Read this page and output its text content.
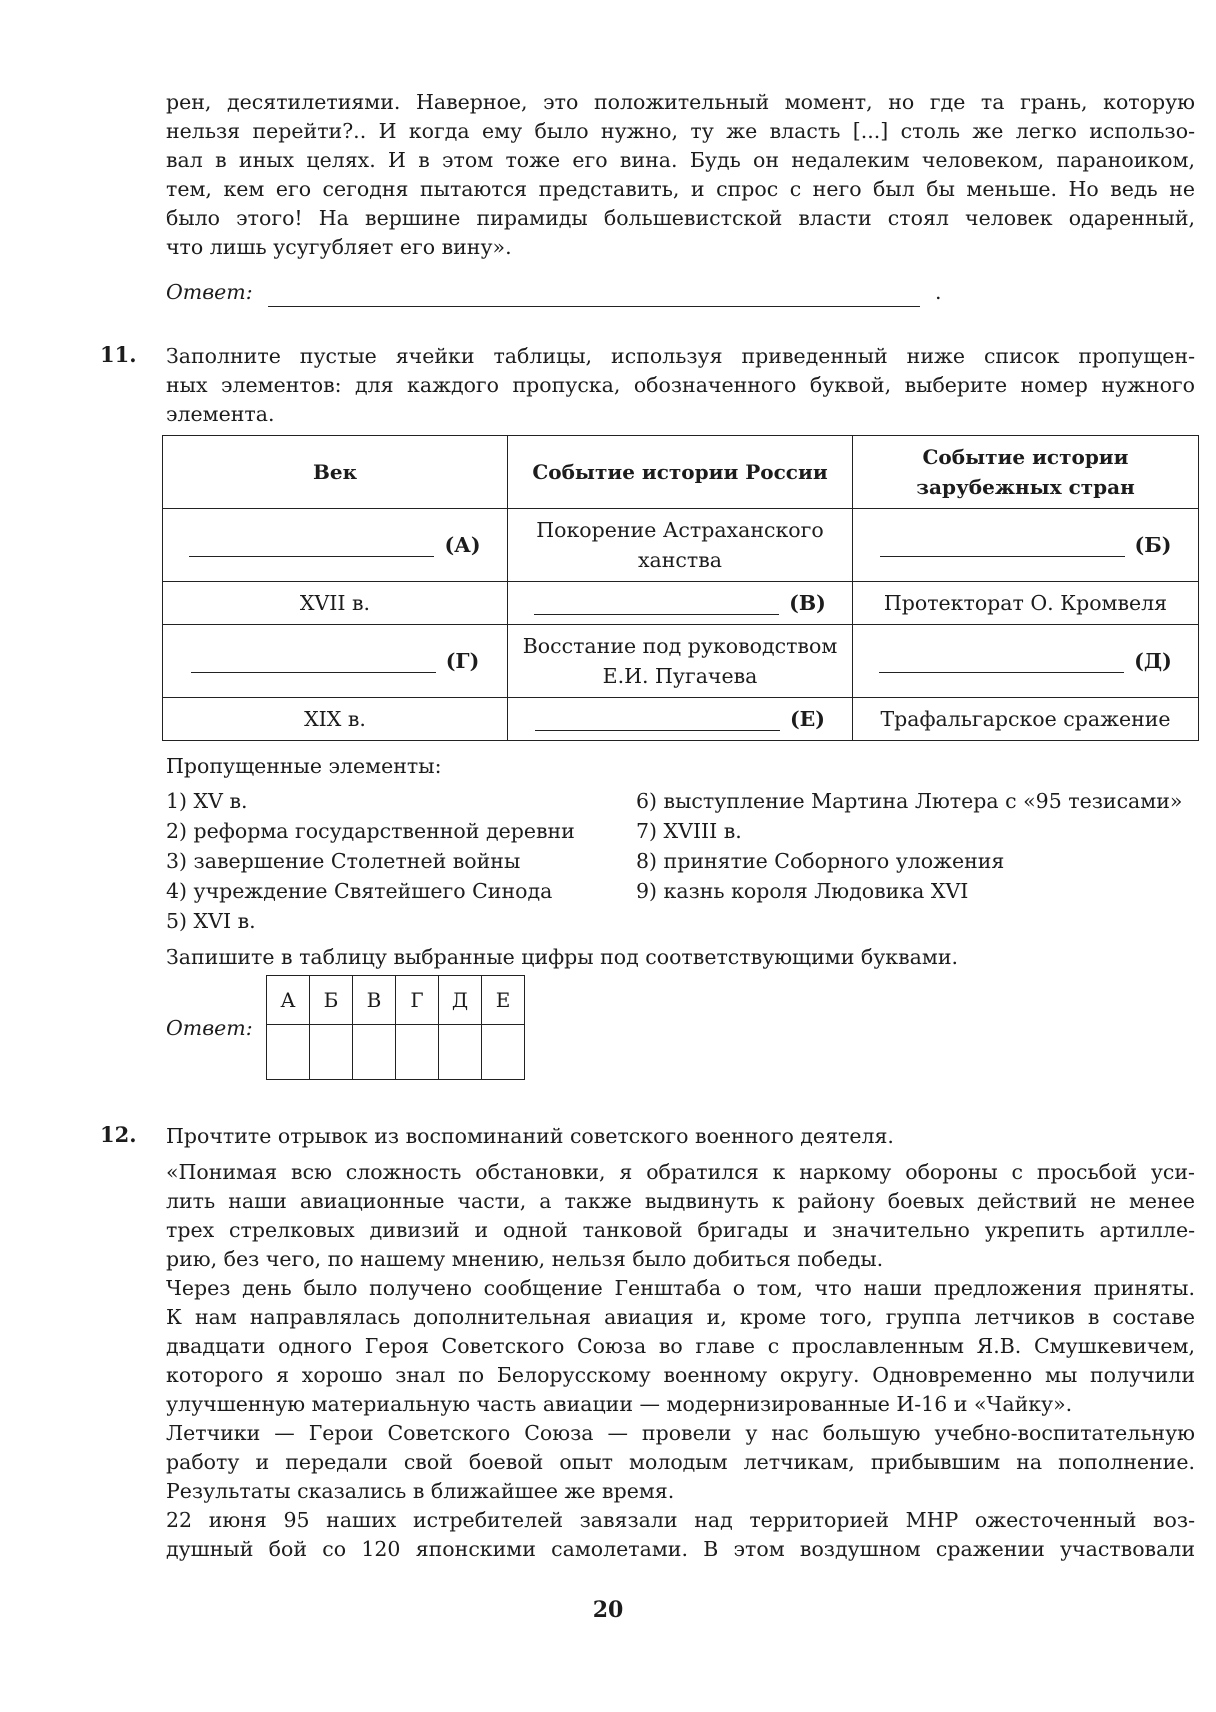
рен, десятилетиями. Наверное, это положительный момент, но где та грань, которую
нельзя перейти?.. И когда ему было нужно, ту же власть [...] столь же легко использо-
вал в иных целях. И в этом тоже его вина. Будь он недалеким человеком, параноиком,
тем, кем его сегодня пытаются представить, и спрос с него был бы меньше. Но ведь не
было этого! На вершине пирамиды большевистской власти стоял человек одаренный,
что лишь усугубляет его вину».
Ответ:	.
11. Заполните пустые ячейки таблицы, используя приведенный ниже список пропущен-
ных элементов: для каждого пропуска, обозначенного буквой, выберите номер нужного
элемента.
Век	Событие истории России	Событие истории зарубежных стран
(А)	Покорение Астраханского ханства	(Б)
XVII в.	(В)	Протекторат О. Кромвеля
(Г)	Восстание под руководством Е.И. Пугачева	(Д)
XIX в.	(Е)	Трафальгарское сражение
Пропущенные элементы:
1) XV в.
2) реформа государственной деревни
3) завершение Столетней войны
4) учреждение Святейшего Синода
5) XVI в.
6) выступление Мартина Лютера с «95 тезисами»
7) XVIII в.
8) принятие Соборного уложения
9) казнь короля Людовика XVI
Запишите в таблицу выбранные цифры под соответствующими буквами.
Ответ:
А	Б	В	Г	Д	Е

12. Прочтите отрывок из воспоминаний советского военного деятеля.
«Понимая всю сложность обстановки, я обратился к наркому обороны с просьбой уси-
лить наши авиационные части, а также выдвинуть к району боевых действий не менее
трех стрелковых дивизий и одной танковой бригады и значительно укрепить артилле-
рию, без чего, по нашему мнению, нельзя было добиться победы.
Через день было получено сообщение Генштаба о том, что наши предложения приняты.
К нам направлялась дополнительная авиация и, кроме того, группа летчиков в составе
двадцати одного Героя Советского Союза во главе с прославленным Я.В. Смушкевичем,
которого я хорошо знал по Белорусскому военному округу. Одновременно мы получили
улучшенную материальную часть авиации — модернизированные И-16 и «Чайку».
Летчики — Герои Советского Союза — провели у нас большую учебно-воспитательную
работу и передали свой боевой опыт молодым летчикам, прибывшим на пополнение.
Результаты сказались в ближайшее же время.
22 июня 95 наших истребителей завязали над территорией МНР ожесточенный воз-
душный бой со 120 японскими самолетами. В этом воздушном сражении участвовали
20
